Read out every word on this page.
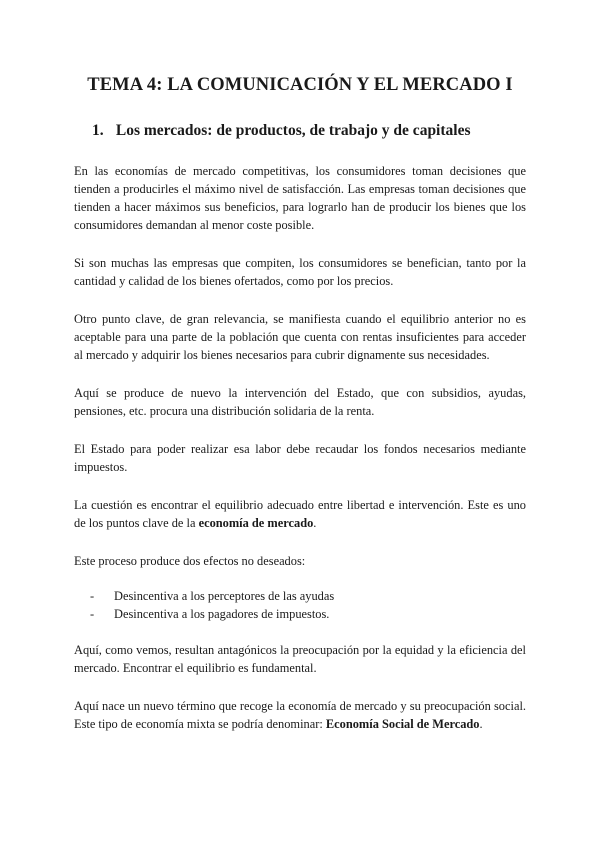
TEMA 4: LA COMUNICACIÓN Y EL MERCADO I
1. Los mercados: de productos, de trabajo y de capitales

En las economías de mercado competitivas, los consumidores toman decisiones que tienden a producirles el máximo nivel de satisfacción. Las empresas toman decisiones que tienden a hacer máximos sus beneficios, para lograrlo han de producir los bienes que los consumidores demandan al menor coste posible.

Si son muchas las empresas que compiten, los consumidores se benefician, tanto por la cantidad y calidad de los bienes ofertados, como por los precios.

Otro punto clave, de gran relevancia, se manifiesta cuando el equilibrio anterior no es aceptable para una parte de la población que cuenta con rentas insuficientes para acceder al mercado y adquirir los bienes necesarios para cubrir dignamente sus necesidades.

Aquí se produce de nuevo la intervención del Estado, que con subsidios, ayudas, pensiones, etc. procura una distribución solidaria de la renta.

El Estado para poder realizar esa labor debe recaudar los fondos necesarios mediante impuestos.

La cuestión es encontrar el equilibrio adecuado entre libertad e intervención. Este es uno de los puntos clave de la economía de mercado.

Este proceso produce dos efectos no deseados:

- Desincentiva a los perceptores de las ayudas
- Desincentiva a los pagadores de impuestos.

Aquí, como vemos, resultan antagónicos la preocupación por la equidad y la eficiencia del mercado. Encontrar el equilibrio es fundamental.

Aquí nace un nuevo término que recoge la economía de mercado y su preocupación social. Este tipo de economía mixta se podría denominar: Economía Social de Mercado.
